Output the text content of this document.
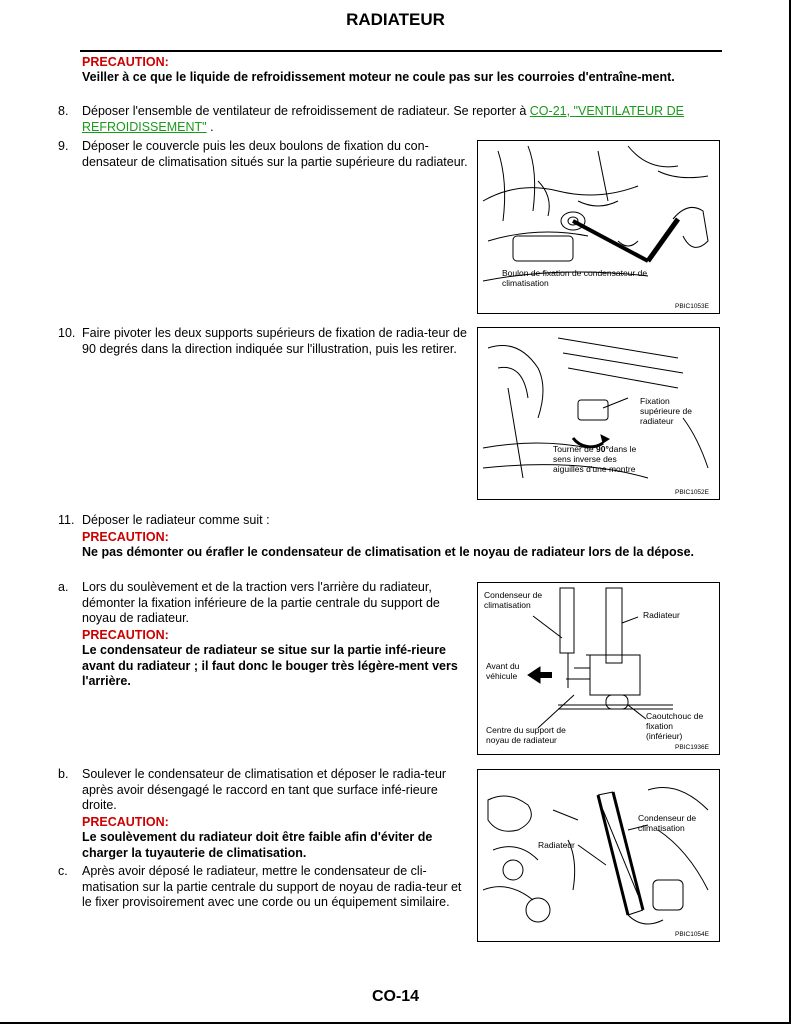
RADIATEUR
PRECAUTION:
Veiller à ce que le liquide de refroidissement moteur ne coule pas sur les courroies d'entraîne-ment.
8. Déposer l'ensemble de ventilateur de refroidissement de radiateur. Se reporter à CO-21, "VENTILATEUR DE REFROIDISSEMENT" .
9. Déposer le couvercle puis les deux boulons de fixation du con-densateur de climatisation situés sur la partie supérieure du radiateur.
Boulon de fixation de condensateur de climatisation
PBIC1053E
10. Faire pivoter les deux supports supérieurs de fixation de radia-teur de 90 degrés dans la direction indiquée sur l'illustration, puis les retirer.
Fixation supérieure de radiateur
Tourner de 90°dans le sens inverse des aiguilles d'une montre
PBIC1052E
11. Déposer le radiateur comme suit :
PRECAUTION:
Ne pas démonter ou érafler le condensateur de climatisation et le noyau de radiateur lors de la dépose.
a. Lors du soulèvement et de la traction vers l'arrière du radiateur, démonter la fixation inférieure de la partie centrale du support de noyau de radiateur.
PRECAUTION:
Le condensateur de radiateur se situe sur la partie infé-rieure avant du radiateur ; il faut donc le bouger très légère-ment vers l'arrière.
Condenseur de climatisation
Radiateur
Avant du véhicule
Centre du support de noyau de radiateur
Caoutchouc de fixation (inférieur)
PBIC1936E
b. Soulever le condensateur de climatisation et déposer le radia-teur après avoir désengagé le raccord en tant que surface infé-rieure droite.
PRECAUTION:
Le soulèvement du radiateur doit être faible afin d'éviter de charger la tuyauterie de climatisation.
c. Après avoir déposé le radiateur, mettre le condensateur de cli-matisation sur la partie centrale du support de noyau de radia-teur et le fixer provisoirement avec une corde ou un équipement similaire.
Condenseur de climatisation
Radiateur
PBIC1054E
CO-14
